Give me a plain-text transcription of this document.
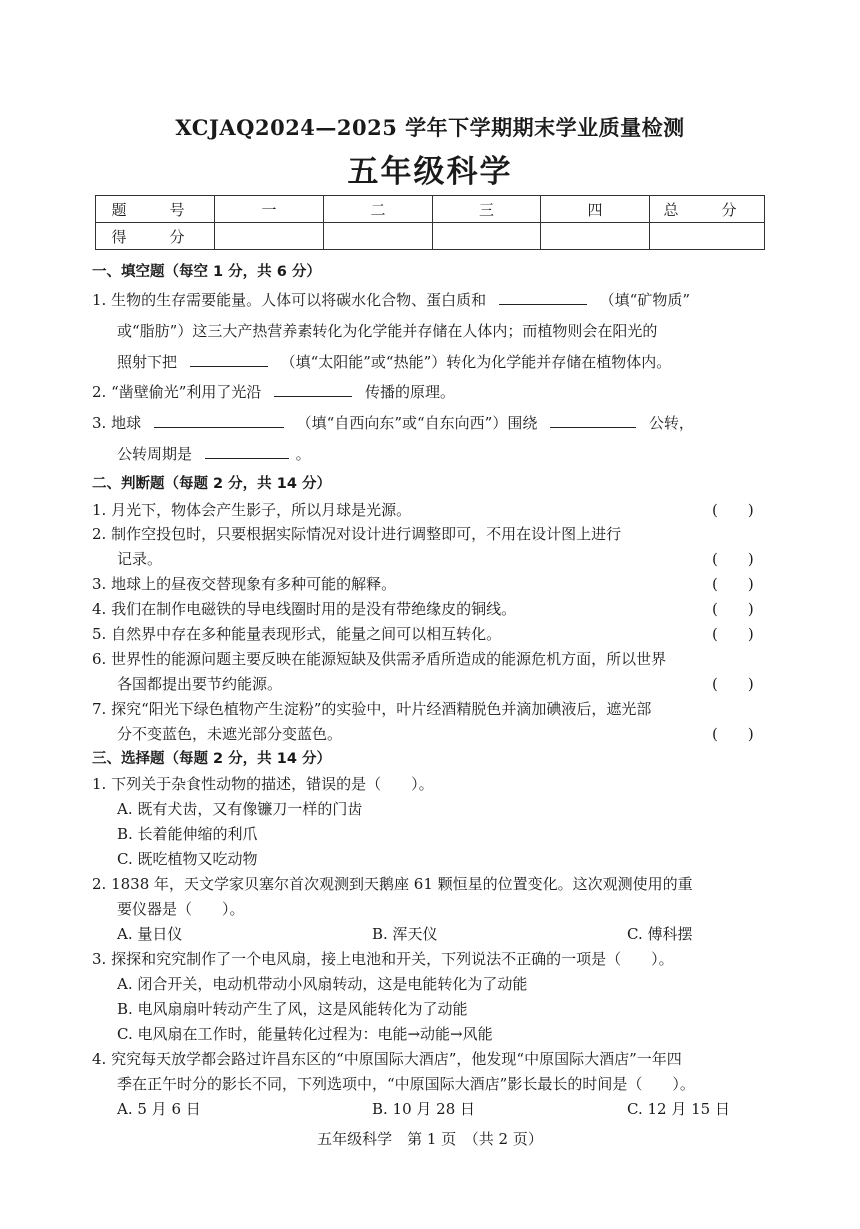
XCJAQ2024—2025 学年下学期期末学业质量检测
五年级科学
题　号	一	二	三	四	总　分
得　分					
一、填空题（每空 1 分，共 6 分）
1. 生物的生存需要能量。人体可以将碳水化合物、蛋白质和	（填“矿物质”
或“脂肪”）这三大产热营养素转化为化学能并存储在人体内；而植物则会在阳光的
照射下把	（填“太阳能”或“热能”）转化为化学能并存储在植物体内。
2. “凿壁偷光”利用了光沿	传播的原理。
3. 地球	（填“自西向东”或“自东向西”）围绕	公转，
公转周期是	。
二、判断题（每题 2 分，共 14 分）
1. 月光下，物体会产生影子，所以月球是光源。	(　　)
2. 制作空投包时，只要根据实际情况对设计进行调整即可，不用在设计图上进行
记录。	(　　)
3. 地球上的昼夜交替现象有多种可能的解释。	(　　)
4. 我们在制作电磁铁的导电线圈时用的是没有带绝缘皮的铜线。	(　　)
5. 自然界中存在多种能量表现形式，能量之间可以相互转化。	(　　)
6. 世界性的能源问题主要反映在能源短缺及供需矛盾所造成的能源危机方面，所以世界
各国都提出要节约能源。	(　　)
7. 探究“阳光下绿色植物产生淀粉”的实验中，叶片经酒精脱色并滴加碘液后，遮光部
分不变蓝色，未遮光部分变蓝色。	(　　)
三、选择题（每题 2 分，共 14 分）
1. 下列关于杂食性动物的描述，错误的是（　　）。
A. 既有犬齿，又有像镰刀一样的门齿
B. 长着能伸缩的利爪
C. 既吃植物又吃动物
2. 1838 年，天文学家贝塞尔首次观测到天鹅座 61 颗恒星的位置变化。这次观测使用的重
要仪器是（　　）。
A. 量日仪	B. 浑天仪	C. 傅科摆
3. 探探和究究制作了一个电风扇，接上电池和开关，下列说法不正确的一项是（　　）。
A. 闭合开关，电动机带动小风扇转动，这是电能转化为了动能
B. 电风扇扇叶转动产生了风，这是风能转化为了动能
C. 电风扇在工作时，能量转化过程为：电能→动能→风能
4. 究究每天放学都会路过许昌东区的“中原国际大酒店”，他发现“中原国际大酒店”一年四
季在正午时分的影长不同，下列选项中，“中原国际大酒店”影长最长的时间是（　　）。
A. 5 月 6 日	B. 10 月 28 日	C. 12 月 15 日
五年级科学　第 1 页　（共 2 页）
